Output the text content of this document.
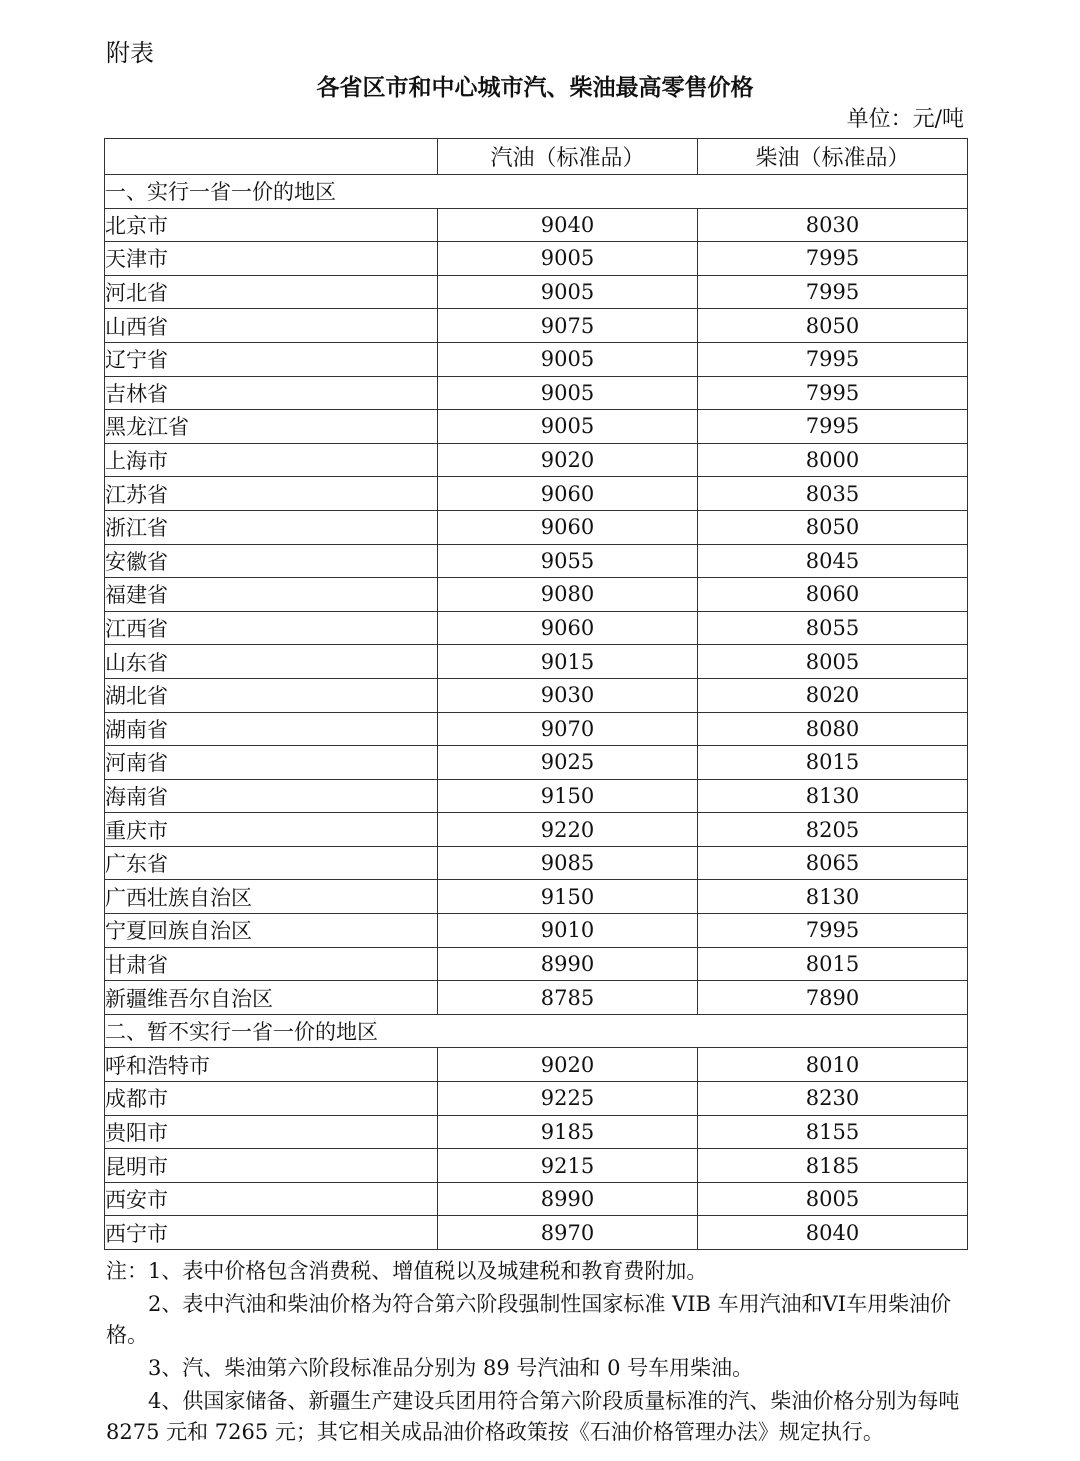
附表
各省区市和中心城市汽、柴油最高零售价格
单位：元/吨
	汽油（标准品）	柴油（标准品）
一、实行一省一价的地区		
北京市	9040	8030
天津市	9005	7995
河北省	9005	7995
山西省	9075	8050
辽宁省	9005	7995
吉林省	9005	7995
黑龙江省	9005	7995
上海市	9020	8000
江苏省	9060	8035
浙江省	9060	8050
安徽省	9055	8045
福建省	9080	8060
江西省	9060	8055
山东省	9015	8005
湖北省	9030	8020
湖南省	9070	8080
河南省	9025	8015
海南省	9150	8130
重庆市	9220	8205
广东省	9085	8065
广西壮族自治区	9150	8130
宁夏回族自治区	9010	7995
甘肃省	8990	8015
新疆维吾尔自治区	8785	7890
二、暂不实行一省一价的地区		
呼和浩特市	9020	8010
成都市	9225	8230
贵阳市	9185	8155
昆明市	9215	8185
西安市	8990	8005
西宁市	8970	8040

注：1、表中价格包含消费税、增值税以及城建税和教育费附加。

2、表中汽油和柴油价格为符合第六阶段强制性国家标准 VIB 车用汽油和VI车用柴油价格。

3、汽、柴油第六阶段标准品分别为 89 号汽油和 0 号车用柴油。

4、供国家储备、新疆生产建设兵团用符合第六阶段质量标准的汽、柴油价格分别为每吨 8275 元和 7265 元；其它相关成品油价格政策按《石油价格管理办法》规定执行。
